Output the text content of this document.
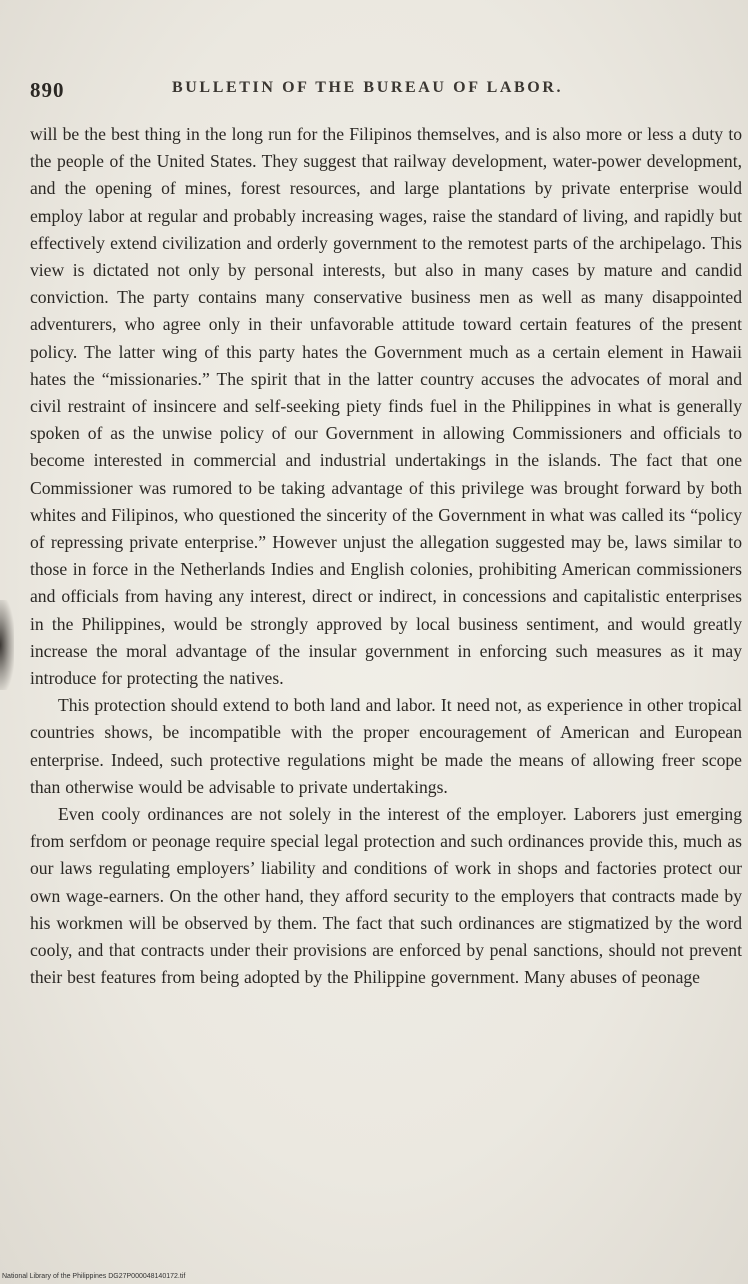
890	BULLETIN OF THE BUREAU OF LABOR.

will be the best thing in the long run for the Filipinos themselves, and is also more or less a duty to the people of the United States. They suggest that railway development, water-power development, and the opening of mines, forest resources, and large plantations by private enterprise would employ labor at regular and probably increasing wages, raise the standard of living, and rapidly but effectively extend civilization and orderly government to the remotest parts of the archipelago. This view is dictated not only by personal interests, but also in many cases by mature and candid conviction. The party contains many conservative business men as well as many disappointed adventurers, who agree only in their unfavorable attitude toward certain features of the present policy. The latter wing of this party hates the Government much as a certain element in Hawaii hates the “missionaries.” The spirit that in the latter country accuses the advocates of moral and civil restraint of insincere and self-seeking piety finds fuel in the Philippines in what is generally spoken of as the unwise policy of our Government in allowing Commissioners and officials to become interested in commercial and industrial undertakings in the islands. The fact that one Commissioner was rumored to be taking advantage of this privilege was brought forward by both whites and Filipinos, who questioned the sincerity of the Government in what was called its “policy of repressing private enterprise.” However unjust the allegation suggested may be, laws similar to those in force in the Netherlands Indies and English colonies, prohibiting American commissioners and officials from having any interest, direct or indirect, in concessions and capitalistic enterprises in the Philippines, would be strongly approved by local business sentiment, and would greatly increase the moral advantage of the insular government in enforcing such measures as it may introduce for protecting the natives.

This protection should extend to both land and labor. It need not, as experience in other tropical countries shows, be incompatible with the proper encouragement of American and European enterprise. Indeed, such protective regulations might be made the means of allowing freer scope than otherwise would be advisable to private undertakings.

Even cooly ordinances are not solely in the interest of the employer. Laborers just emerging from serfdom or peonage require special legal protection and such ordinances provide this, much as our laws regulating employers’ liability and conditions of work in shops and factories protect our own wage-earners. On the other hand, they afford security to the employers that contracts made by his workmen will be observed by them. The fact that such ordinances are stigmatized by the word cooly, and that contracts under their provisions are enforced by penal sanctions, should not prevent their best features from being adopted by the Philippine government. Many abuses of peonage

National Library of the Philippines DG27P000048140172.tif
